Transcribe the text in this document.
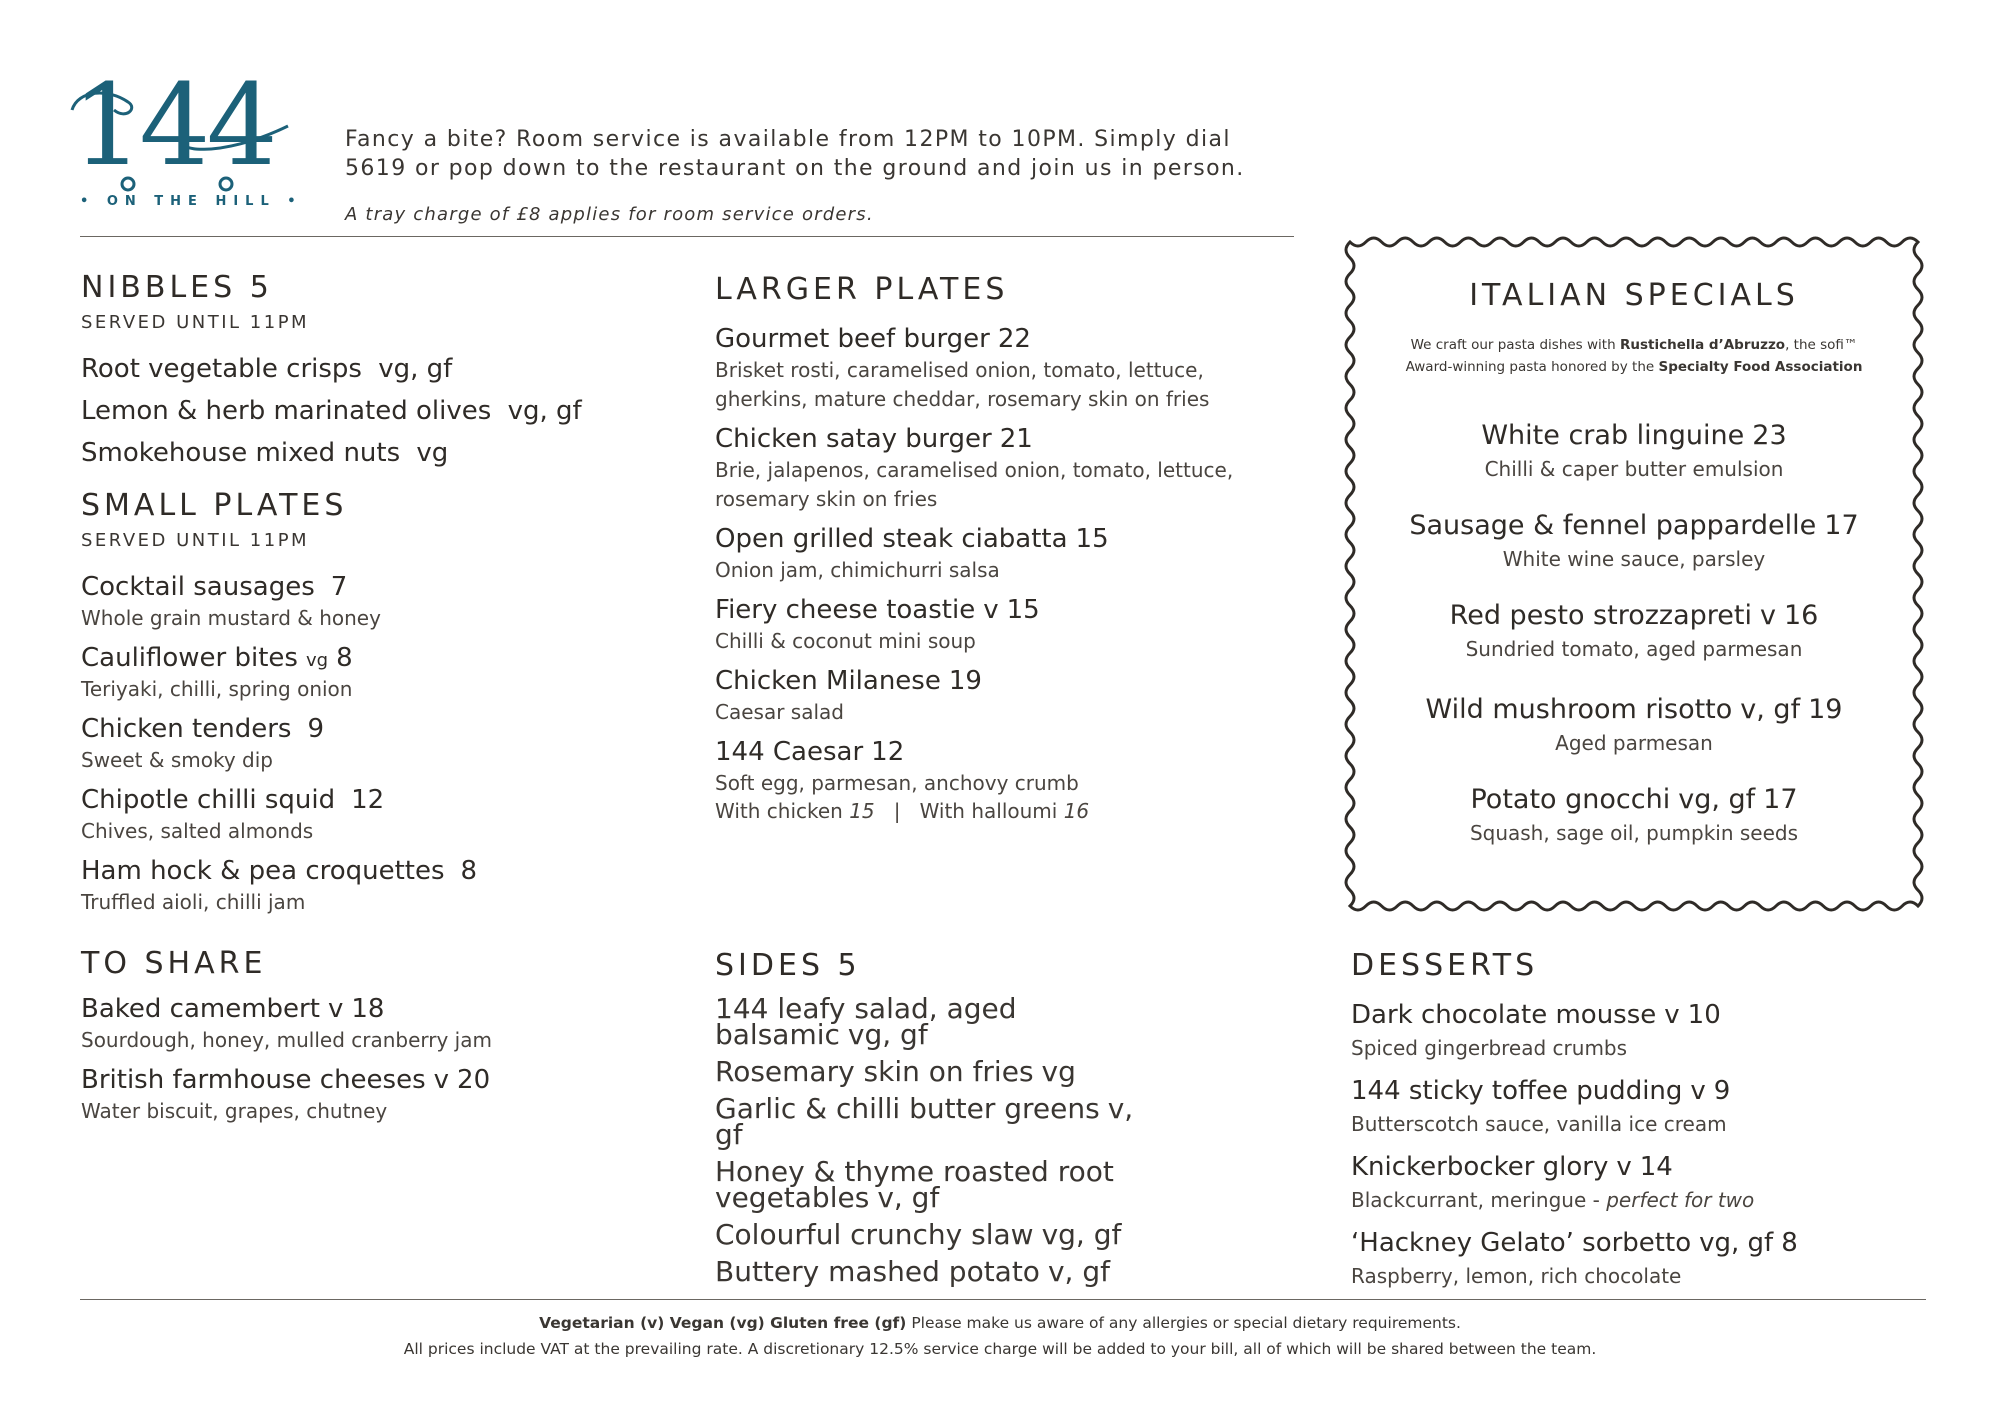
144
• ON THE HILL •
Fancy a bite? Room service is available from 12PM to 10PM. Simply dial
5619 or pop down to the restaurant on the ground and join us in person.
A tray charge of £8 applies for room service orders.
NIBBLES 5
SERVED UNTIL 11PM
Root vegetable crisps vg, gf
Lemon & herb marinated olives vg, gf
Smokehouse mixed nuts vg
SMALL PLATES
SERVED UNTIL 11PM
Cocktail sausages 7
Whole grain mustard & honey
Cauliflower bites vg 8
Teriyaki, chilli, spring onion
Chicken tenders 9
Sweet & smoky dip
Chipotle chilli squid 12
Chives, salted almonds
Ham hock & pea croquettes 8
Truffled aioli, chilli jam
TO SHARE
Baked camembert v 18
Sourdough, honey, mulled cranberry jam
British farmhouse cheeses v 20
Water biscuit, grapes, chutney
LARGER PLATES
Gourmet beef burger 22
Brisket rosti, caramelised onion, tomato, lettuce, gherkins, mature cheddar, rosemary skin on fries
Chicken satay burger 21
Brie, jalapenos, caramelised onion, tomato, lettuce, rosemary skin on fries
Open grilled steak ciabatta 15
Onion jam, chimichurri salsa
Fiery cheese toastie v 15
Chilli & coconut mini soup
Chicken Milanese 19
Caesar salad
144 Caesar 12
Soft egg, parmesan, anchovy crumb
With chicken 15 | With halloumi 16
SIDES 5
144 leafy salad, aged balsamic vg, gf
Rosemary skin on fries vg
Garlic & chilli butter greens v, gf
Honey & thyme roasted root vegetables v, gf
Colourful crunchy slaw vg, gf
Buttery mashed potato v, gf
ITALIAN SPECIALS
We craft our pasta dishes with Rustichella d’Abruzzo, the sofi™
Award-winning pasta honored by the Specialty Food Association
White crab linguine 23
Chilli & caper butter emulsion
Sausage & fennel pappardelle 17
White wine sauce, parsley
Red pesto strozzapreti v 16
Sundried tomato, aged parmesan
Wild mushroom risotto v, gf 19
Aged parmesan
Potato gnocchi vg, gf 17
Squash, sage oil, pumpkin seeds
DESSERTS
Dark chocolate mousse v 10
Spiced gingerbread crumbs
144 sticky toffee pudding v 9
Butterscotch sauce, vanilla ice cream
Knickerbocker glory v 14
Blackcurrant, meringue - perfect for two
‘Hackney Gelato’ sorbetto vg, gf 8
Raspberry, lemon, rich chocolate
Vegetarian (v) Vegan (vg) Gluten free (gf) Please make us aware of any allergies or special dietary requirements.
All prices include VAT at the prevailing rate. A discretionary 12.5% service charge will be added to your bill, all of which will be shared between the team.
